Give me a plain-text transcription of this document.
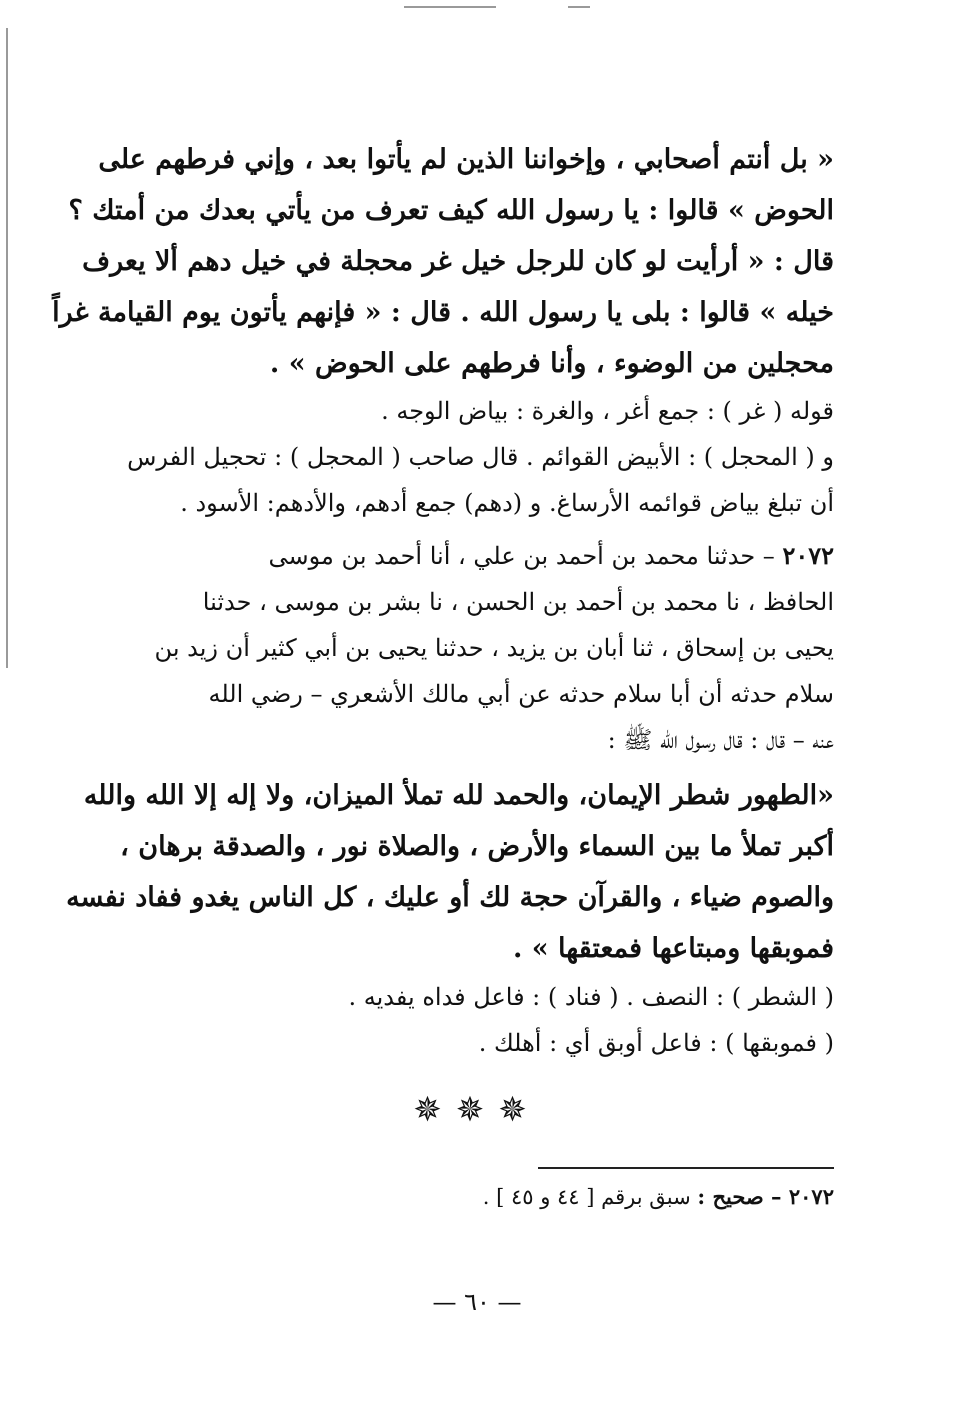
« بل أنتم أصحابي ، وإخواننا الذين لم يأتوا بعد ، وإني فرطهم على
الحوض » قالوا : يا رسول الله كيف تعرف من يأتي بعدك من أمتك ؟
قال : « أرأيت لو كان للرجل خيل غر محجلة في خيل دهم ألا يعرف
خيله » قالوا : بلى يا رسول الله . قال : « فإنهم يأتون يوم القيامة غراً
محجلين من الوضوء ، وأنا فرطهم على الحوض » .
قوله ( غر ) : جمع أغر ، والغرة : بياض الوجه .
و ( المحجل ) : الأبيض القوائم . قال صاحب ( المحجل ) : تحجيل الفرس
أن تبلغ بياض قوائمه الأرساغ. و (دهم) جمع أدهم، والأدهم: الأسود .
٢٠٧٢ – حدثنا محمد بن أحمد بن علي ، أنا أحمد بن موسى
الحافظ ، نا محمد بن أحمد بن الحسن ، نا بشر بن موسى ، حدثنا
يحيى بن إسحاق ، ثنا أبان بن يزيد ، حدثنا يحيى بن أبي كثير أن زيد بن
سلام حدثه أن أبا سلام حدثه عن أبي مالك الأشعري – رضي الله
عنه – قال : قال رسول الله ﷺ :
«الطهور شطر الإيمان، والحمد لله تملأ الميزان، ولا إله إلا الله والله
أكبر تملأ ما بين السماء والأرض ، والصلاة نور ، والصدقة برهان ،
والصوم ضياء ، والقرآن حجة لك أو عليك ، كل الناس يغدو ففاد نفسه
فموبقها ومبتاعها فمعتقها » .
( الشطر ) : النصف . ( فناد ) : فاعل فداه يفديه .
( فموبقها ) : فاعل أوبق أي : أهلك .
✵✵✵
٢٠٧٢ – صحيح : سبق برقم [ ٤٤ و ٤٥ ] .
— ٦٠ —
